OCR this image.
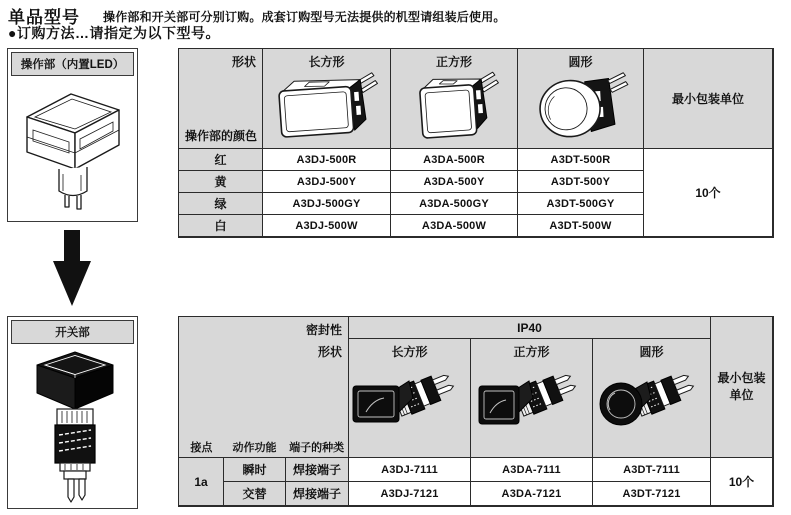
单品型号 操作部和开关部可分别订购。成套订购型号无法提供的机型请组装后使用。
●订购方法…请指定为以下型号。
操作部（内置LED）
开关部
形状
操作部的颜色
长方形	正方形	圆形
最小包装单位
红	A3DJ-500R	A3DA-500R	A3DT-500R
10个
黄	A3DJ-500Y	A3DA-500Y	A3DT-500Y
绿	A3DJ-500GY	A3DA-500GY	A3DT-500GY
白	A3DJ-500W	A3DA-500W	A3DT-500W
密封性
形状
接点	动作功能	端子的种类
IP40
最小包装单位
长方形	正方形	圆形
1a
瞬时	焊接端子	A3DJ-7111	A3DA-7111	A3DT-7111
10个
交替	焊接端子	A3DJ-7121	A3DA-7121	A3DT-7121
